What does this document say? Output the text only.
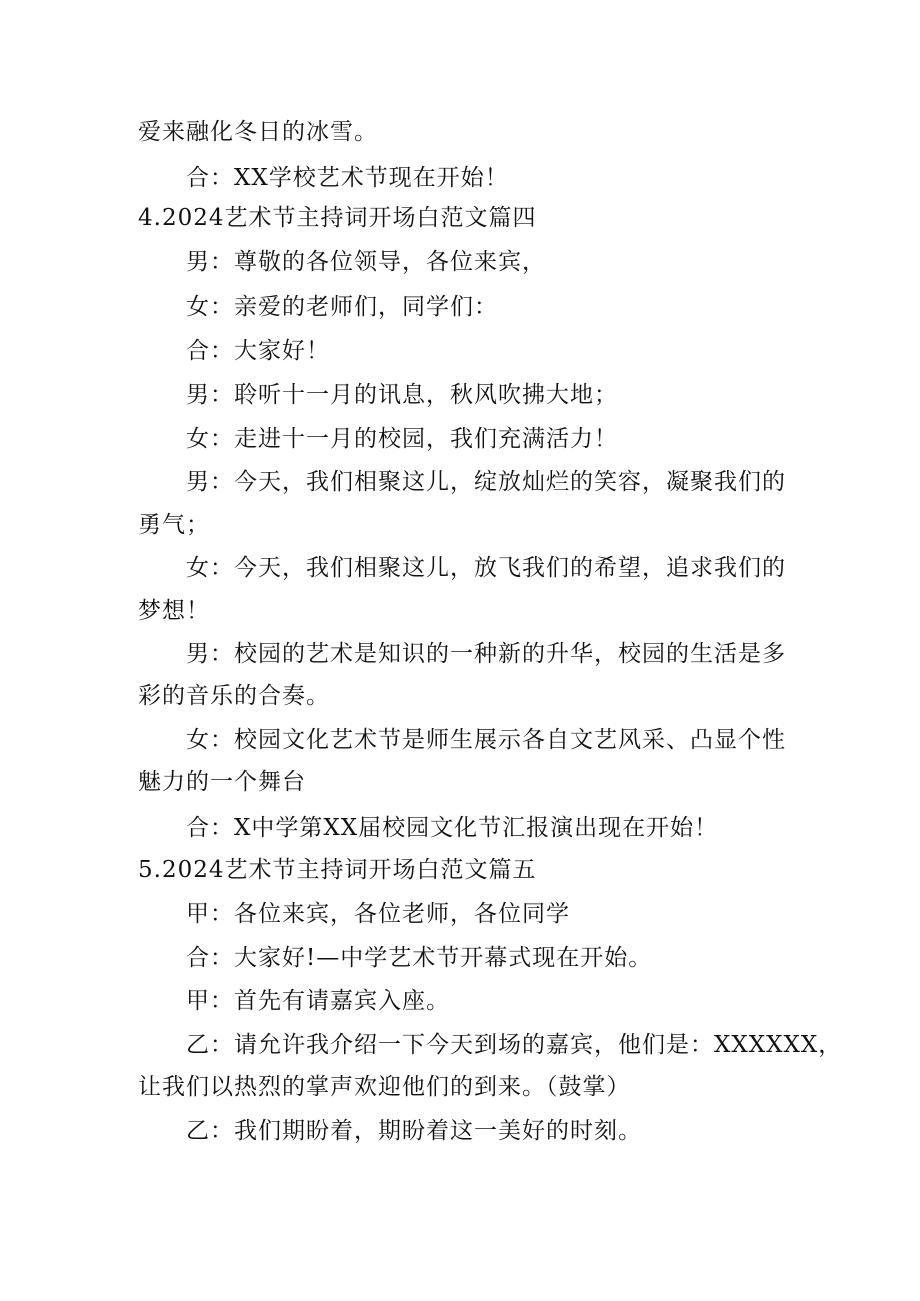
爱来融化冬日的冰雪。
合：XX学校艺术节现在开始！
4.2024艺术节主持词开场白范文篇四
男：尊敬的各位领导，各位来宾，
女：亲爱的老师们，同学们：
合：大家好！
男：聆听十一月的讯息，秋风吹拂大地；
女：走进十一月的校园，我们充满活力！
男：今天，我们相聚这儿，绽放灿烂的笑容，凝聚我们的
勇气；
女：今天，我们相聚这儿，放飞我们的希望，追求我们的
梦想！
男：校园的艺术是知识的一种新的升华，校园的生活是多
彩的音乐的合奏。
女：校园文化艺术节是师生展示各自文艺风采、凸显个性
魅力的一个舞台
合：X中学第XX届校园文化节汇报演出现在开始！
5.2024艺术节主持词开场白范文篇五
甲：各位来宾，各位老师，各位同学
合：大家好!—中学艺术节开幕式现在开始。
甲：首先有请嘉宾入座。
乙：请允许我介绍一下今天到场的嘉宾，他们是：XXXXXX，
让我们以热烈的掌声欢迎他们的到来。（鼓掌）
乙：我们期盼着，期盼着这一美好的时刻。
